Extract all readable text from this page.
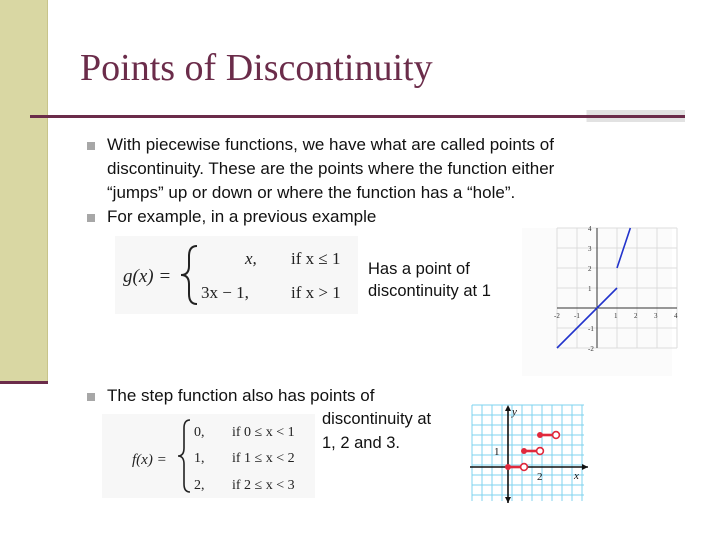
Points of Discontinuity
With piecewise functions, we have what are called points of
discontinuity. These are the points where the function either
“jumps” up or down or where the function has a “hole”.
For example, in a previous example
g(x) =
x, if x ≤ 1
3x − 1, if x > 1
Has a point of
discontinuity at 1
-2 -1	1 2 3 4
4
3
2
1
-1
-2
The step function also has points of
discontinuity at
1, 2 and 3.
f(x) =
0, if 0 ≤ x < 1
1, if 1 ≤ x < 2
2, if 2 ≤ x < 3
x
y
1
2
